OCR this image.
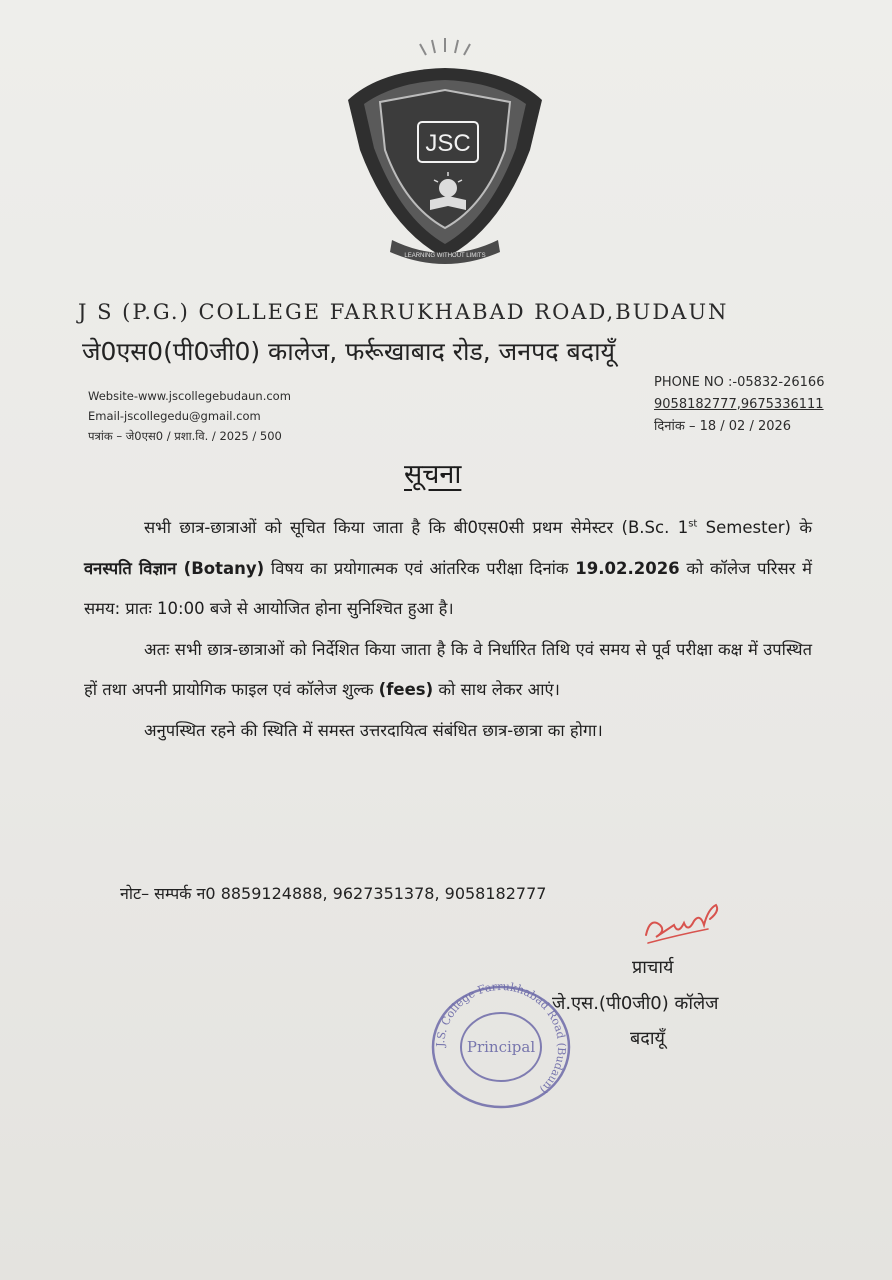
JSC
LEARNING WITHOUT LIMITS
J S (P.G.) COLLEGE FARRUKHABAD ROAD,BUDAUN
जे0एस0(पी0जी0) कालेज, फर्रूखाबाद रोड, जनपद बदायूँ
Website-www.jscollegebudaun.com
Email-jscollegedu@gmail.com
पत्रांक – जे0एस0 / प्रशा.वि. / 2025 / 500
PHONE NO :-05832-26166
9058182777,9675336111
दिनांक – 18 / 02 / 2026
सूचना

सभी छात्र-छात्राओं को सूचित किया जाता है कि बी0एस0सी प्रथम सेमेस्टर (B.Sc. 1st Semester) के वनस्पति विज्ञान (Botany) विषय का प्रयोगात्मक एवं आंतरिक परीक्षा दिनांक 19.02.2026 को कॉलेज परिसर में समय: प्रातः 10:00 बजे से आयोजित होना सुनिश्चित हुआ है।

अतः सभी छात्र-छात्राओं को निर्देशित किया जाता है कि वे निर्धारित तिथि एवं समय से पूर्व परीक्षा कक्ष में उपस्थित हों तथा अपनी प्रायोगिक फाइल एवं कॉलेज शुल्क (fees) को साथ लेकर आएं।

अनुपस्थित रहने की स्थिति में समस्त उत्तरदायित्व संबंधित छात्र-छात्रा का होगा।

नोट– सम्पर्क न0 8859124888, 9627351378, 9058182777
प्राचार्य
जे.एस.(पी0जी0) कॉलेज
बदायूँ
J.S. College Farrukhabad Road (Budaun)
Principal
